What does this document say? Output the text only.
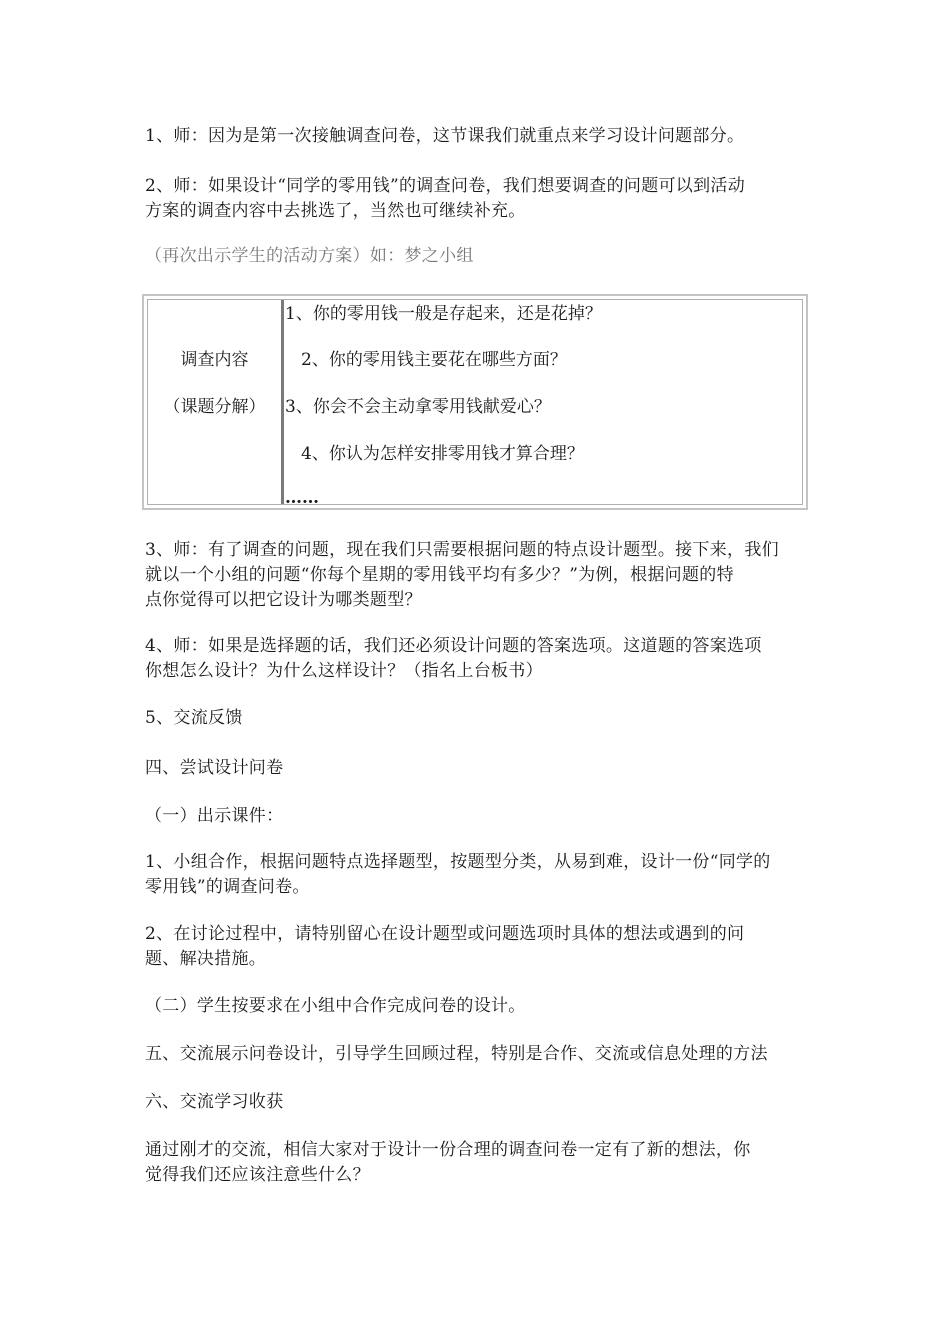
1、师：因为是第一次接触调查问卷，这节课我们就重点来学习设计问题部分。
2、师：如果设计“同学的零用钱”的调查问卷，我们想要调查的问题可以到活动
方案的调查内容中去挑选了，当然也可继续补充。
（再次出示学生的活动方案）如：梦之小组
调查内容
（课题分解）
1、你的零用钱一般是存起来，还是花掉？
2、你的零用钱主要花在哪些方面？
3、你会不会主动拿零用钱献爱心？
4、你认为怎样安排零用钱才算合理？
……
3、师：有了调查的问题，现在我们只需要根据问题的特点设计题型。接下来，我们
就以一个小组的问题“你每个星期的零用钱平均有多少？”为例，根据问题的特
点你觉得可以把它设计为哪类题型？
4、师：如果是选择题的话，我们还必须设计问题的答案选项。这道题的答案选项
你想怎么设计？为什么这样设计？（指名上台板书）
5、交流反馈
四、尝试设计问卷
（一）出示课件：
1、小组合作，根据问题特点选择题型，按题型分类，从易到难，设计一份“同学的
零用钱”的调查问卷。
2、在讨论过程中，请特别留心在设计题型或问题选项时具体的想法或遇到的问
题、解决措施。
（二）学生按要求在小组中合作完成问卷的设计。
五、交流展示问卷设计，引导学生回顾过程，特别是合作、交流或信息处理的方法
六、交流学习收获
通过刚才的交流，相信大家对于设计一份合理的调查问卷一定有了新的想法，你
觉得我们还应该注意些什么？
